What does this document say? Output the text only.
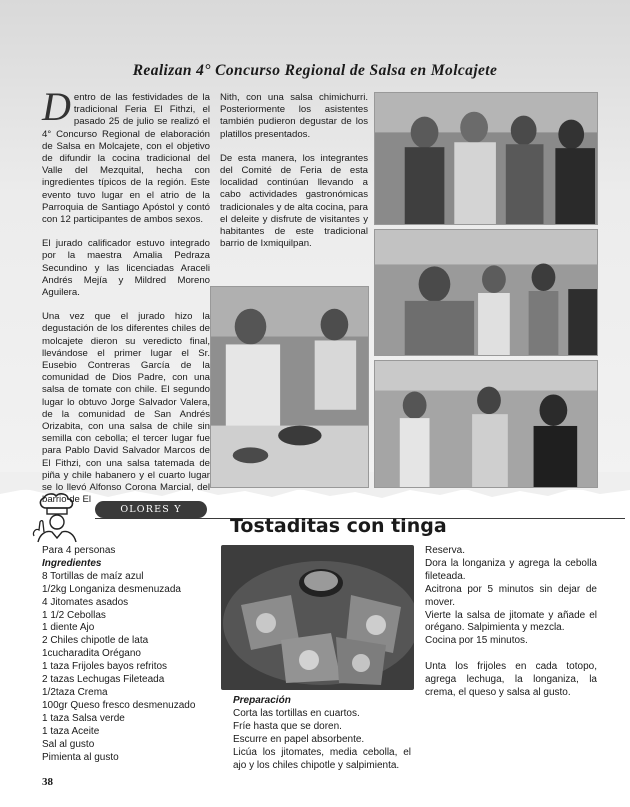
Realizan 4° Concurso Regional de Salsa en Molcajete

Dentro de las festividades de la tradicional Feria El Fithzi, el pasado 25 de julio se realizó el 4° Concurso Regional de elaboración de Salsa en Molcajete, con el objetivo de difundir la cocina tradicional del Valle del Mezquital, hecha con ingredientes típicos de la región. Este evento tuvo lugar en el atrio de la Parroquia de Santiago Apóstol y contó con 12 participantes de ambos sexos.

El jurado calificador estuvo integrado por la maestra Amalia Pedraza Secundino y las licenciadas Araceli Andrés Mejía y Mildred Moreno Aguilera.

Una vez que el jurado hizo la degustación de los diferentes chiles de molcajete dieron su veredicto final, llevándose el primer lugar el Sr. Eusebio Contreras García de la comunidad de Dios Padre, con una salsa de tomate con chile. El segundo lugar lo obtuvo Jorge Salvador Valera, de la comunidad de San Andrés Orizabita, con una salsa de chile sin semilla con cebolla; el tercer lugar fue para Pablo David Salvador Marcos de El Fithzi, con una salsa tatemada de piña y chile habanero y el cuarto lugar se lo llevó Alfonso Corona Marcial, del barrio de El

Nith, con una salsa chimichurri. Posteriormente los asistentes también pudieron degustar de los platillos presentados.

De esta manera, los integrantes del Comité de Feria de esta localidad continúan llevando a cabo actividades gastronómicas tradicionales y de alta cocina, para el deleite y disfrute de visitantes y habitantes de este tradicional barrio de Ixmiquilpan.

OLORES Y SABORES	Tostaditas con tinga
Para 4 personas
Ingredientes
8 Tortillas de maíz azul
1/2kg Longaniza desmenuzada
4 Jitomates asados
1 1/2 Cebollas
1 diente Ajo
2 Chiles chipotle de lata
1cucharadita Orégano
1 taza Frijoles bayos refritos
2 tazas Lechugas Fileteada
1/2taza Crema
100gr Queso fresco desmenuzado
1 taza Salsa verde
1 taza Aceite
Sal al gusto
Pimienta al gusto
Preparación
Corta las tortillas en cuartos.
Fríe hasta que se doren.
Escurre en papel absorbente.
Licúa los jitomates, media cebolla, el ajo y los chiles chipotle y salpimienta.
Reserva.
Dora la longaniza y agrega la cebolla fileteada.
Acitrona por 5 minutos sin dejar de mover.
Vierte la salsa de jitomate y añade el orégano. Salpimienta y mezcla.
Cocina por 15 minutos.
Unta los frijoles en cada totopo, agrega lechuga, la longaniza, la crema, el queso y salsa al gusto.
38
